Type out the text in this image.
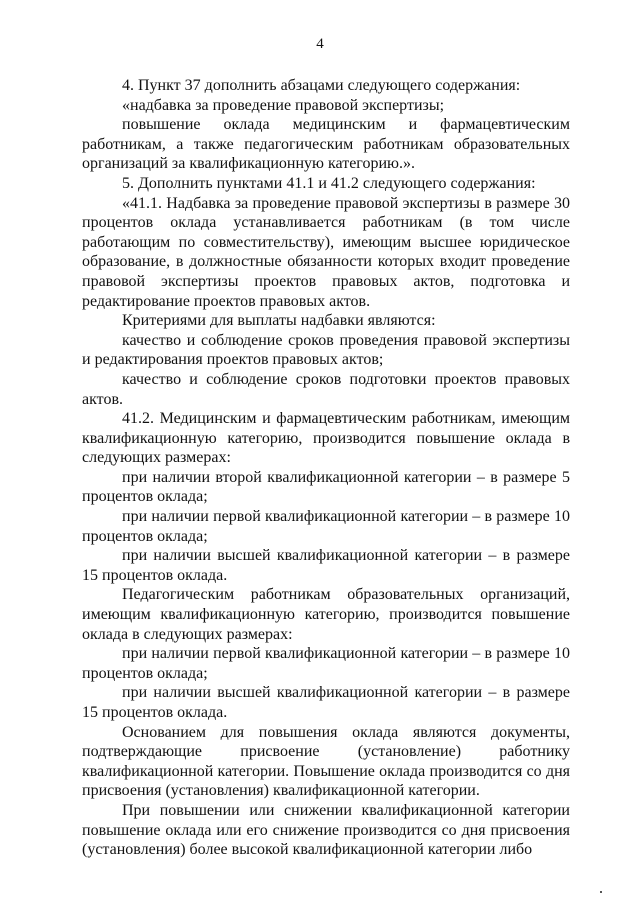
4

4. Пункт 37 дополнить абзацами следующего содержания:

«надбавка за проведение правовой экспертизы;

повышение оклада медицинским и фармацевтическим работникам, а также педагогическим работникам образовательных организаций за квалификационную категорию.».

5. Дополнить пунктами 41.1 и 41.2 следующего содержания:

«41.1. Надбавка за проведение правовой экспертизы в размере 30 процентов оклада устанавливается работникам (в том числе работающим по совместительству), имеющим высшее юридическое образование, в должностные обязанности которых входит проведение правовой экспертизы проектов правовых актов, подготовка и редактирование проектов правовых актов.

Критериями для выплаты надбавки являются:

качество и соблюдение сроков проведения правовой экспертизы и редактирования проектов правовых актов;

качество и соблюдение сроков подготовки проектов правовых актов.

41.2. Медицинским и фармацевтическим работникам, имеющим квалификационную категорию, производится повышение оклада в следующих размерах:

при наличии второй квалификационной категории – в размере 5 процентов оклада;

при наличии первой квалификационной категории – в размере 10 процентов оклада;

при наличии высшей квалификационной категории – в размере 15 процентов оклада.

Педагогическим работникам образовательных организаций, имеющим квалификационную категорию, производится повышение оклада в следующих размерах:

при наличии первой квалификационной категории – в размере 10 процентов оклада;

при наличии высшей квалификационной категории – в размере 15 процентов оклада.

Основанием для повышения оклада являются документы, подтверждающие присвоение (установление) работнику квалификационной категории. Повышение оклада производится со дня присвоения (установления) квалификационной категории.

При повышении или снижении квалификационной категории повышение оклада или его снижение производится со дня присвоения (установления) более высокой квалификационной категории либо
